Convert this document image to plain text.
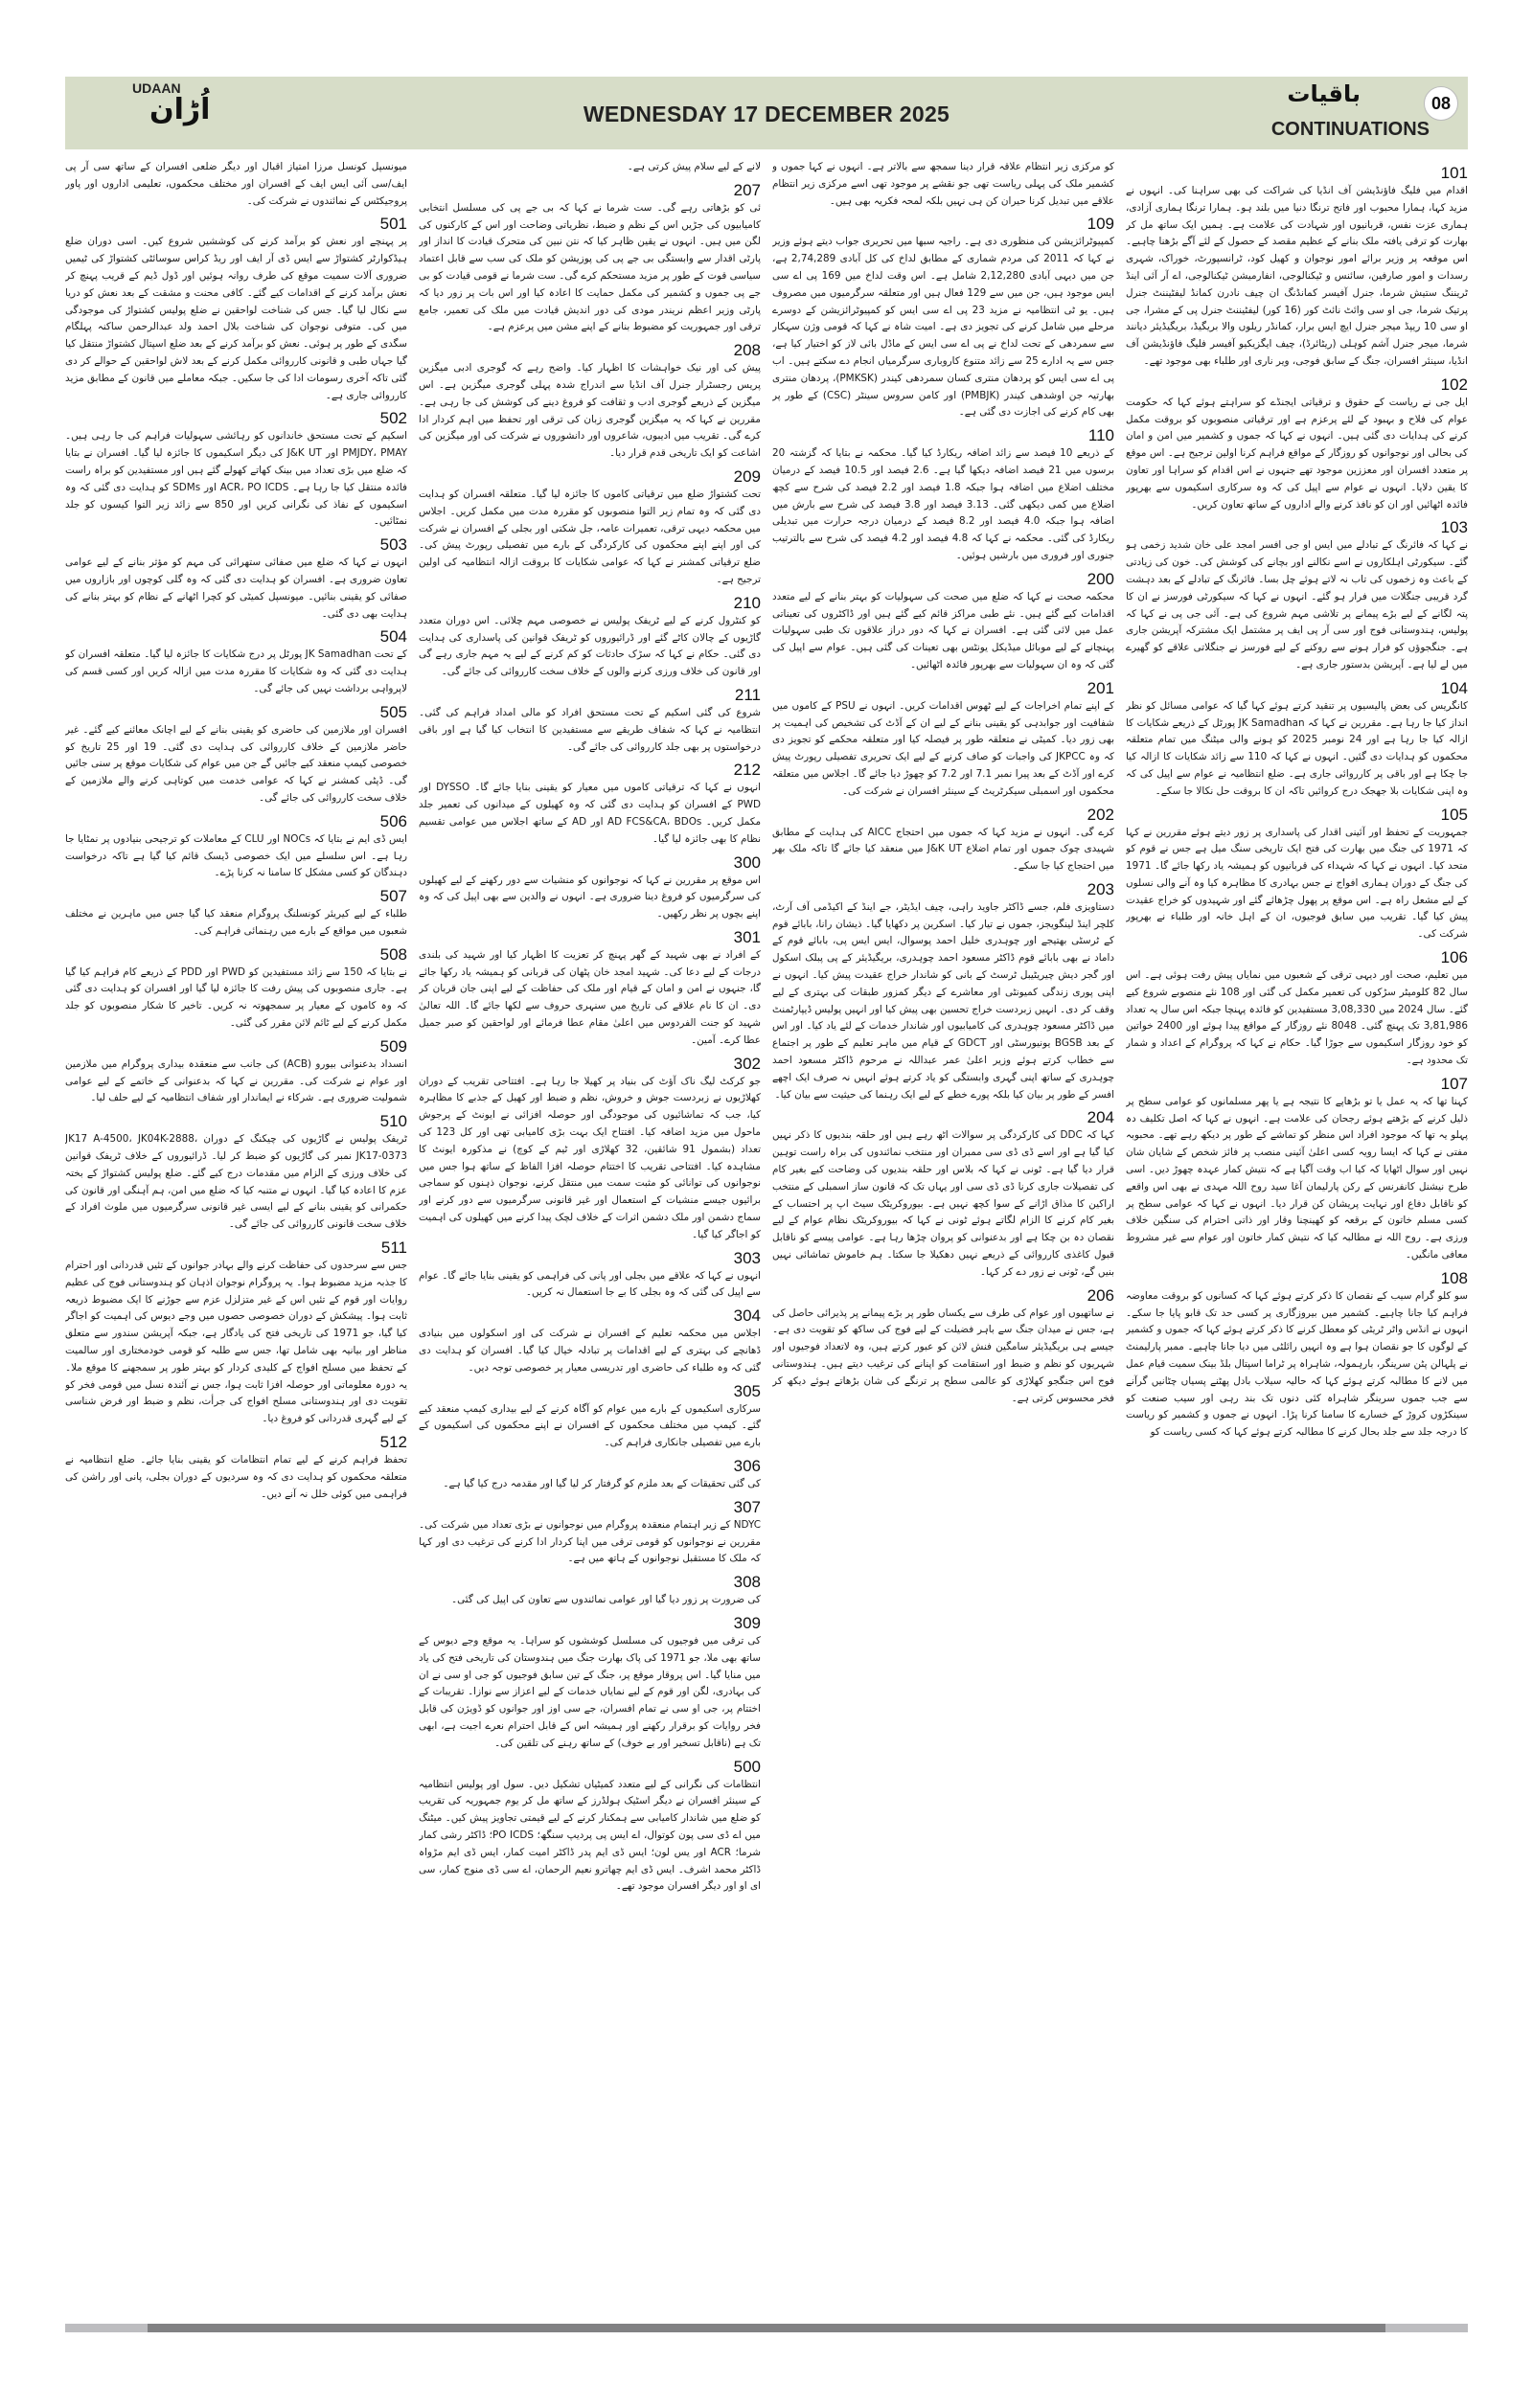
UDAAN
اُڑان	WEDNESDAY 17 DECEMBER 2025
باقیات
CONTINUATIONS
08
101

اقدام میں فلیگ فاؤنڈیشن آف انڈیا کی شراکت کی بھی سراہنا کی۔ انہوں نے مزید کہا، ہمارا محبوب اور فاتح ترنگا دنیا میں بلند ہو۔ ہمارا ترنگا ہماری آزادی، ہماری عزت نفس، قربانیوں اور شہادت کی علامت ہے۔ ہمیں ایک ساتھ مل کر بھارت کو ترقی یافتہ ملک بنانے کے عظیم مقصد کے حصول کے لئے آگے بڑھنا چاہیے۔ اس موقعہ پر وزیر برائے امور نوجوان و کھیل کود، ٹرانسپورٹ، خوراک، شہری رسدات و امور صارفین، سائنس و ٹیکنالوجی، انفارمیشن ٹیکنالوجی، اے آر آئی اینڈ ٹریننگ ستیش شرما، جنرل آفیسر کمانڈنگ ان چیف نادرن کمانڈ لیفٹیننٹ جنرل پرتیک شرما، جی او سی وائٹ نائٹ کور (16 کور) لیفٹیننٹ جنرل پی کے مشرا، جی او سی 10 ریپڈ میجر جنرل ایچ ایس برار، کمانڈر ریلوں والا بریگیڈ، بریگیڈیئر دیانند شرما، میجر جنرل آشم کوہلی (ریٹائرڈ)، چیف ایگزیکیو آفیسر فلیگ فاؤنڈیشن آف انڈیا، سینئر افسران، جنگ کے سابق فوجی، ویر ناری اور طلباء بھی موجود تھے۔

102

ایل جی نے ریاست کے حقوق و ترقیاتی ایجنڈے کو سراہتے ہوئے کہا کہ حکومت عوام کی فلاح و بہبود کے لئے پرعزم ہے اور ترقیاتی منصوبوں کو بروقت مکمل کرنے کی ہدایات دی گئی ہیں۔ انہوں نے کہا کہ جموں و کشمیر میں امن و امان کی بحالی اور نوجوانوں کو روزگار کے مواقع فراہم کرنا اولین ترجیح ہے۔ اس موقع پر متعدد افسران اور معززین موجود تھے جنہوں نے اس اقدام کو سراہا اور تعاون کا یقین دلایا۔ انہوں نے عوام سے اپیل کی کہ وہ سرکاری اسکیموں سے بھرپور فائدہ اٹھائیں اور ان کو نافذ کرنے والے اداروں کے ساتھ تعاون کریں۔

103

نے کہا کہ فائرنگ کے تبادلے میں ایس او جی افسر امجد علی خان شدید زخمی ہو گئے۔ سیکورٹی اہلکاروں نے اسے نکالنے اور بچانے کی کوشش کی۔ خون کی زیادتی کے باعث وہ زخموں کی تاب نہ لاتے ہوئے چل بسا۔ فائرنگ کے تبادلے کے بعد دہشت گرد قریبی جنگلات میں فرار ہو گئے۔ انہوں نے کہا کہ سیکورٹی فورسز نے ان کا پتہ لگانے کے لیے بڑے پیمانے پر تلاشی مہم شروع کی ہے۔ آئی جی پی نے کہا کہ پولیس، ہندوستانی فوج اور سی آر پی ایف پر مشتمل ایک مشترکہ آپریشن جاری ہے۔ جنگجوؤں کو فرار ہونے سے روکنے کے لیے فورسز نے جنگلاتی علاقے کو گھیرے میں لے لیا ہے۔ آپریشن بدستور جاری ہے۔

104

کانگریس کی بعض پالیسیوں پر تنقید کرتے ہوئے کہا گیا کہ عوامی مسائل کو نظر انداز کیا جا رہا ہے۔ مقررین نے کہا کہ JK Samadhan پورٹل کے ذریعے شکایات کا ازالہ کیا جا رہا ہے اور 24 نومبر 2025 کو ہونے والی میٹنگ میں تمام متعلقہ محکموں کو ہدایات دی گئیں۔ انہوں نے کہا کہ 110 سے زائد شکایات کا ازالہ کیا جا چکا ہے اور باقی پر کارروائی جاری ہے۔ ضلع انتظامیہ نے عوام سے اپیل کی کہ وہ اپنی شکایات بلا جھجک درج کروائیں تاکہ ان کا بروقت حل نکالا جا سکے۔

105

جمہوریت کے تحفظ اور آئینی اقدار کی پاسداری پر زور دیتے ہوئے مقررین نے کہا کہ 1971 کی جنگ میں بھارت کی فتح ایک تاریخی سنگ میل ہے جس نے قوم کو متحد کیا۔ انہوں نے کہا کہ شہداء کی قربانیوں کو ہمیشہ یاد رکھا جائے گا۔ 1971 کی جنگ کے دوران ہماری افواج نے جس بہادری کا مظاہرہ کیا وہ آنے والی نسلوں کے لیے مشعل راہ ہے۔ اس موقع پر پھول چڑھائے گئے اور شہیدوں کو خراج عقیدت پیش کیا گیا۔ تقریب میں سابق فوجیوں، ان کے اہل خانہ اور طلباء نے بھرپور شرکت کی۔

106

میں تعلیم، صحت اور دیہی ترقی کے شعبوں میں نمایاں پیش رفت ہوئی ہے۔ اس سال 82 کلومیٹر سڑکوں کی تعمیر مکمل کی گئی اور 108 نئے منصوبے شروع کیے گئے۔ سال 2024 میں 3,08,330 مستفیدین کو فائدہ پہنچا جبکہ اس سال یہ تعداد 3,81,986 تک پہنچ گئی۔ 8048 نئے روزگار کے مواقع پیدا ہوئے اور 2400 خواتین کو خود روزگار اسکیموں سے جوڑا گیا۔ حکام نے کہا کہ پروگرام کے اعداد و شمار تک محدود ہے۔

107

کہنا تھا کہ یہ عمل یا تو بڑھاپے کا نتیجہ ہے یا پھر مسلمانوں کو عوامی سطح پر ذلیل کرنے کے بڑھتے ہوئے رجحان کی علامت ہے۔ انہوں نے کہا کہ اصل تکلیف دہ پہلو یہ تھا کہ موجود افراد اس منظر کو تماشے کے طور پر دیکھ رہے تھے۔ محبوبہ مفتی نے کہا کہ ایسا رویہ کسی اعلیٰ آئینی منصب پر فائز شخص کے شایان شان نہیں اور سوال اٹھایا کہ کیا اب وقت آگیا ہے کہ نتیش کمار عہدہ چھوڑ دیں۔ اسی طرح نیشنل کانفرنس کے رکن پارلیمان آغا سید روح اللہ مہدی نے بھی اس واقعے کو ناقابل دفاع اور نہایت پریشان کن قرار دیا۔ انہوں نے کہا کہ عوامی سطح پر کسی مسلم خاتون کے برقعہ کو کھینچنا وقار اور ذاتی احترام کی سنگین خلاف ورزی ہے۔ روح اللہ نے مطالبہ کیا کہ نتیش کمار خاتون اور عوام سے غیر مشروط معافی مانگیں۔

108

سو کلو گرام سیب کے نقصان کا ذکر کرتے ہوئے کہا کہ کسانوں کو بروقت معاوضہ فراہم کیا جانا چاہیے۔ کشمیر میں بیروزگاری پر کسی حد تک قابو پایا جا سکے۔ انہوں نے انڈس واٹر ٹریٹی کو معطل کرنے کا ذکر کرتے ہوئے کہا کہ جموں و کشمیر کے لوگوں کا جو نقصان ہوا ہے وہ انہیں رائلٹی میں دیا جانا چاہیے۔ ممبر پارلیمنٹ نے پلہالن پٹن سرینگر، بارہمولہ، شاہراہ پر ٹراما اسپتال بلڈ بینک سمیت قیام عمل میں لانے کا مطالبہ کرتے ہوئے کہا کہ حالیہ سیلاب بادل پھٹنے پسیاں چٹانیں گرآنے سے جب جموں سرینگر شاہراہ کئی دنوں تک بند رہی اور سیب صنعت کو سینکڑوں کروڑ کے خسارے کا سامنا کرنا پڑا۔ انہوں نے جموں و کشمیر کو ریاست کا درجہ جلد سے جلد بحال کرنے کا مطالبہ کرتے ہوئے کہا کہ کسی ریاست کو

کو مرکزی زیر انتظام علاقہ قرار دینا سمجھ سے بالاتر ہے۔ انہوں نے کہا جموں و کشمیر ملک کی پہلی ریاست تھی جو نقشے پر موجود تھی اسے مرکزی زیر انتظام علاقے میں تبدیل کرنا حیران کن ہی نہیں بلکہ لمحہ فکریہ بھی ہیں۔

109

کمپیوٹرائزیشن کی منظوری دی ہے۔ راجیہ سبھا میں تحریری جواب دیتے ہوئے وزیر نے کہا کہ 2011 کی مردم شماری کے مطابق لداخ کی کل آبادی 2,74,289 ہے، جن میں دیہی آبادی 2,12,280 شامل ہے۔ اس وقت لداخ میں 169 پی اے سی ایس موجود ہیں، جن میں سے 129 فعال ہیں اور متعلقہ سرگرمیوں میں مصروف ہیں۔ یو ٹی انتظامیہ نے مزید 23 پی اے سی ایس کو کمپیوٹرائزیشن کے دوسرے مرحلے میں شامل کرنے کی تجویز دی ہے۔ امیت شاہ نے کہا کہ قومی وژن سہکار سے سمردھی کے تحت لداخ نے پی اے سی ایس کے ماڈل بائی لاز کو اختیار کیا ہے، جس سے یہ ادارے 25 سے زائد متنوع کاروباری سرگرمیاں انجام دے سکتے ہیں۔ اب پی اے سی ایس کو پردھان منتری کسان سمردھی کیندر (PMKSK)، پردھان منتری بھارتیہ جن اوشدھی کیندر (PMBJK) اور کامن سروس سینٹر (CSC) کے طور پر بھی کام کرنے کی اجازت دی گئی ہے۔

110

کے ذریعے 10 فیصد سے زائد اضافہ ریکارڈ کیا گیا۔ محکمہ نے بتایا کہ گزشتہ 20 برسوں میں 21 فیصد اضافہ دیکھا گیا ہے۔ 2.6 فیصد اور 10.5 فیصد کے درمیان مختلف اضلاع میں اضافہ ہوا جبکہ 1.8 فیصد اور 2.2 فیصد کی شرح سے کچھ اضلاع میں کمی دیکھی گئی۔ 3.13 فیصد اور 3.8 فیصد کی شرح سے بارش میں اضافہ ہوا جبکہ 4.0 فیصد اور 8.2 فیصد کے درمیان درجہ حرارت میں تبدیلی ریکارڈ کی گئی۔ محکمہ نے کہا کہ 4.8 فیصد اور 4.2 فیصد کی شرح سے بالترتیب جنوری اور فروری میں بارشیں ہوئیں۔

200

محکمہ صحت نے کہا کہ ضلع میں صحت کی سہولیات کو بہتر بنانے کے لیے متعدد اقدامات کیے گئے ہیں۔ نئے طبی مراکز قائم کیے گئے ہیں اور ڈاکٹروں کی تعیناتی عمل میں لائی گئی ہے۔ افسران نے کہا کہ دور دراز علاقوں تک طبی سہولیات پہنچانے کے لیے موبائل میڈیکل یونٹس بھی تعینات کی گئی ہیں۔ عوام سے اپیل کی گئی کہ وہ ان سہولیات سے بھرپور فائدہ اٹھائیں۔

201

کے اپنے تمام اخراجات کے لیے ٹھوس اقدامات کریں۔ انہوں نے PSU کے کاموں میں شفافیت اور جوابدہی کو یقینی بنانے کے لیے ان کے آڈٹ کی تشخیص کی اہمیت پر بھی زور دیا۔ کمیٹی نے متعلقہ طور پر فیصلہ کیا اور متعلقہ محکمے کو تجویز دی کہ وہ JKPCC کی واجبات کو صاف کرنے کے لیے ایک تحریری تفصیلی رپورٹ پیش کرے اور آڈٹ کے بعد پیرا نمبر 7.1 اور 7.2 کو چھوڑ دیا جائے گا۔ اجلاس میں متعلقہ محکموں اور اسمبلی سیکرٹریٹ کے سینئر افسران نے شرکت کی۔

202

کرے گی۔ انہوں نے مزید کہا کہ جموں میں احتجاج AICC کی ہدایت کے مطابق شہیدی چوک جموں اور تمام اضلاع J&K UT میں منعقد کیا جائے گا تاکہ ملک بھر میں احتجاج کیا جا سکے۔

203

دستاویزی فلم، جسے ڈاکٹر جاوید راہی، چیف ایڈیٹر، جے اینڈ کے اکیڈمی آف آرٹ، کلچر اینڈ لینگویجز، جموں نے تیار کیا۔ اسکرین پر دکھایا گیا۔ ذیشان رانا، بابائے قوم کے ٹرسٹی بھتیجے اور چوہدری خلیل احمد پوسوال، ایس ایس پی، بابائے قوم کے داماد نے بھی بابائے قوم ڈاکٹر مسعود احمد چوہدری، بریگیڈیئر کے پی پبلک اسکول اور گجر دیش چیریٹیبل ٹرسٹ کے بانی کو شاندار خراج عقیدت پیش کیا۔ انہوں نے اپنی پوری زندگی کمیونٹی اور معاشرے کے دیگر کمزور طبقات کی بہتری کے لیے وقف کر دی۔ انہیں زبردست خراج تحسین بھی پیش کیا اور انہیں پولیس ڈیپارٹمنٹ میں ڈاکٹر مسعود چوہدری کی کامیابیوں اور شاندار خدمات کے لئے یاد کیا۔ اور اس کے بعد BGSB یونیورسٹی اور GDCT کے قیام میں ماہر تعلیم کے طور پر اجتماع سے خطاب کرتے ہوئے وزیر اعلیٰ عمر عبداللہ نے مرحوم ڈاکٹر مسعود احمد چوہدری کے ساتھ اپنی گہری وابستگی کو یاد کرتے ہوئے انہیں نہ صرف ایک اچھے افسر کے طور پر بیان کیا بلکہ پورے خطے کے لیے ایک رہنما کی حیثیت سے بیان کیا۔

204

کہا کہ DDC کی کارکردگی پر سوالات اٹھ رہے ہیں اور حلقہ بندیوں کا ذکر نہیں کیا گیا ہے اور اسے ڈی ڈی سی ممبران اور منتخب نمائندوں کی براہ راست توہین قرار دیا گیا ہے۔ ٹونی نے کہا کہ بلاس اور حلقہ بندیوں کی وضاحت کیے بغیر کام کی تفصیلات جاری کرنا ڈی ڈی سی اور یہاں تک کہ قانون ساز اسمبلی کے منتخب اراکین کا مذاق اڑانے کے سوا کچھ نہیں ہے۔ بیوروکریٹک سیٹ اپ پر احتساب کے بغیر کام کرنے کا الزام لگاتے ہوئے ٹونی نے کہا کہ بیوروکریٹک نظام عوام کے لیے نقصان دہ بن چکا ہے اور بدعنوانی کو پروان چڑھا رہا ہے۔ عوامی پیسے کو ناقابل قبول کاغذی کارروائی کے ذریعے نہیں دھکیلا جا سکتا۔ ہم خاموش تماشائی نہیں بنیں گے، ٹونی نے زور دے کر کہا۔

206

نے ساتھیوں اور عوام کی طرف سے یکساں طور پر بڑے پیمانے پر پذیرائی حاصل کی ہے، جس نے میدان جنگ سے باہر فضیلت کے لیے فوج کی ساکھ کو تقویت دی ہے۔ جیسے ہی بریگیڈیئر سامگین فنش لائن کو عبور کرتے ہیں، وہ لاتعداد فوجیوں اور شہریوں کو نظم و ضبط اور استقامت کو اپنانے کی ترغیب دیتے ہیں۔ ہندوستانی فوج اس جنگجو کھلاڑی کو عالمی سطح پر ترنگے کی شان بڑھاتے ہوئے دیکھ کر فخر محسوس کرتی ہے۔

لانے کے لیے سلام پیش کرتی ہے۔

207

ئی کو بڑھاتی رہے گی۔ ست شرما نے کہا کہ بی جے پی کی مسلسل انتخابی کامیابیوں کی جڑیں اس کے نظم و ضبط، نظریاتی وضاحت اور اس کے کارکنوں کی لگن میں ہیں۔ انہوں نے یقین ظاہر کیا کہ نتن نبین کی متحرک قیادت کا انداز اور پارٹی اقدار سے وابستگی بی جے پی کی پوزیشن کو ملک کی سب سے قابل اعتماد سیاسی قوت کے طور پر مزید مستحکم کرے گی۔ ست شرما نے قومی قیادت کو بی جے پی جموں و کشمیر کی مکمل حمایت کا اعادہ کیا اور اس بات پر زور دیا کہ پارٹی وزیر اعظم نریندر مودی کی دور اندیش قیادت میں ملک کی تعمیر، جامع ترقی اور جمہوریت کو مضبوط بنانے کے اپنے مشن میں پرعزم ہے۔

208

پیش کی اور نیک خواہشات کا اظہار کیا۔ واضح رہے کہ گوجری ادبی میگزین پریس رجسٹرار جنرل آف انڈیا سے اندراج شدہ پہلی گوجری میگزین ہے۔ اس میگزین کے ذریعے گوجری ادب و ثقافت کو فروغ دینے کی کوشش کی جا رہی ہے۔ مقررین نے کہا کہ یہ میگزین گوجری زبان کی ترقی اور تحفظ میں اہم کردار ادا کرے گی۔ تقریب میں ادیبوں، شاعروں اور دانشوروں نے شرکت کی اور میگزین کی اشاعت کو ایک تاریخی قدم قرار دیا۔

209

تحت کشتواڑ ضلع میں ترقیاتی کاموں کا جائزہ لیا گیا۔ متعلقہ افسران کو ہدایت دی گئی کہ وہ تمام زیر التوا منصوبوں کو مقررہ مدت میں مکمل کریں۔ اجلاس میں محکمہ دیہی ترقی، تعمیرات عامہ، جل شکتی اور بجلی کے افسران نے شرکت کی اور اپنے اپنے محکموں کی کارکردگی کے بارے میں تفصیلی رپورٹ پیش کی۔ ضلع ترقیاتی کمشنر نے کہا کہ عوامی شکایات کا بروقت ازالہ انتظامیہ کی اولین ترجیح ہے۔

210

کو کنٹرول کرنے کے لیے ٹریفک پولیس نے خصوصی مہم چلائی۔ اس دوران متعدد گاڑیوں کے چالان کاٹے گئے اور ڈرائیوروں کو ٹریفک قوانین کی پاسداری کی ہدایت دی گئی۔ حکام نے کہا کہ سڑک حادثات کو کم کرنے کے لیے یہ مہم جاری رہے گی اور قانون کی خلاف ورزی کرنے والوں کے خلاف سخت کارروائی کی جائے گی۔

211

شروع کی گئی اسکیم کے تحت مستحق افراد کو مالی امداد فراہم کی گئی۔ انتظامیہ نے کہا کہ شفاف طریقے سے مستفیدین کا انتخاب کیا گیا ہے اور باقی درخواستوں پر بھی جلد کارروائی کی جائے گی۔

212

انہوں نے کہا کہ ترقیاتی کاموں میں معیار کو یقینی بنایا جائے گا۔ DYSSO اور PWD کے افسران کو ہدایت دی گئی کہ وہ کھیلوں کے میدانوں کی تعمیر جلد مکمل کریں۔ AD FCS&CA، BDOs اور AD کے ساتھ اجلاس میں عوامی تقسیم نظام کا بھی جائزہ لیا گیا۔

300

اس موقع پر مقررین نے کہا کہ نوجوانوں کو منشیات سے دور رکھنے کے لیے کھیلوں کی سرگرمیوں کو فروغ دینا ضروری ہے۔ انہوں نے والدین سے بھی اپیل کی کہ وہ اپنے بچوں پر نظر رکھیں۔

301

کے افراد نے بھی شہید کے گھر پہنچ کر تعزیت کا اظہار کیا اور شہید کی بلندی درجات کے لیے دعا کی۔ شہید امجد خان پٹھان کی قربانی کو ہمیشہ یاد رکھا جائے گا، جنہوں نے امن و امان کے قیام اور ملک کی حفاظت کے لیے اپنی جان قربان کر دی۔ ان کا نام علاقے کی تاریخ میں سنہری حروف سے لکھا جائے گا۔ اللہ تعالیٰ شہید کو جنت الفردوس میں اعلیٰ مقام عطا فرمائے اور لواحقین کو صبر جمیل عطا کرے۔ آمین۔

302

جو کرکٹ لیگ ناک آؤٹ کی بنیاد پر کھیلا جا رہا ہے۔ افتتاحی تقریب کے دوران کھلاڑیوں نے زبردست جوش و خروش، نظم و ضبط اور کھیل کے جذبے کا مظاہرہ کیا، جب کہ تماشائیوں کی موجودگی اور حوصلہ افزائی نے ایونٹ کے پرجوش ماحول میں مزید اضافہ کیا۔ افتتاح ایک بہت بڑی کامیابی تھی اور کل 123 کی تعداد (بشمول 91 شائقین، 32 کھلاڑی اور ٹیم کے کوچ) نے مذکورہ ایونٹ کا مشاہدہ کیا۔ افتتاحی تقریب کا اختتام حوصلہ افزا الفاظ کے ساتھ ہوا جس میں نوجوانوں کی توانائی کو مثبت سمت میں منتقل کرنے، نوجوان ذہنوں کو سماجی برائیوں جیسے منشیات کے استعمال اور غیر قانونی سرگرمیوں سے دور کرنے اور سماج دشمن اور ملک دشمن اثرات کے خلاف لچک پیدا کرنے میں کھیلوں کی اہمیت کو اجاگر کیا گیا۔

303

انہوں نے کہا کہ علاقے میں بجلی اور پانی کی فراہمی کو یقینی بنایا جائے گا۔ عوام سے اپیل کی گئی کہ وہ بجلی کا بے جا استعمال نہ کریں۔

304

اجلاس میں محکمہ تعلیم کے افسران نے شرکت کی اور اسکولوں میں بنیادی ڈھانچے کی بہتری کے لیے اقدامات پر تبادلہ خیال کیا گیا۔ افسران کو ہدایت دی گئی کہ وہ طلباء کی حاضری اور تدریسی معیار پر خصوصی توجہ دیں۔

305

سرکاری اسکیموں کے بارے میں عوام کو آگاہ کرنے کے لیے بیداری کیمپ منعقد کیے گئے۔ کیمپ میں مختلف محکموں کے افسران نے اپنے محکموں کی اسکیموں کے بارے میں تفصیلی جانکاری فراہم کی۔

306

کی گئی تحقیقات کے بعد ملزم کو گرفتار کر لیا گیا اور مقدمہ درج کیا گیا ہے۔

307

NDYC کے زیر اہتمام منعقدہ پروگرام میں نوجوانوں نے بڑی تعداد میں شرکت کی۔ مقررین نے نوجوانوں کو قومی ترقی میں اپنا کردار ادا کرنے کی ترغیب دی اور کہا کہ ملک کا مستقبل نوجوانوں کے ہاتھ میں ہے۔

308

کی ضرورت پر زور دیا گیا اور عوامی نمائندوں سے تعاون کی اپیل کی گئی۔

309

کی ترقی میں فوجیوں کی مسلسل کوششوں کو سراہا۔ یہ موقع وجے دیوس کے ساتھ بھی ملا، جو 1971 کی پاک بھارت جنگ میں ہندوستان کی تاریخی فتح کی یاد میں منایا گیا۔ اس پروقار موقع پر، جنگ کے تین سابق فوجیوں کو جی او سی نے ان کی بہادری، لگن اور قوم کے لیے نمایاں خدمات کے لیے اعزاز سے نوازا۔ تقریبات کے اختتام پر، جی او سی نے تمام افسران، جے سی اوز اور جوانوں کو ڈویژن کی قابل فخر روایات کو برقرار رکھنے اور ہمیشہ اس کے قابل احترام نعرے اجیت ہے، ابھی تک ہے (ناقابل تسخیر اور بے خوف) کے ساتھ رہنے کی تلقین کی۔

500

انتظامات کی نگرانی کے لیے متعدد کمیٹیاں تشکیل دیں۔ سول اور پولیس انتظامیہ کے سینئر افسران نے دیگر اسٹیک ہولڈرز کے ساتھ مل کر یوم جمہوریہ کی تقریب کو ضلع میں شاندار کامیابی سے ہمکنار کرنے کے لیے قیمتی تجاویز پیش کیں۔ میٹنگ میں اے ڈی سی پون کوتوال، اے ایس پی پردیپ سنگھ؛ PO ICDS؛ ڈاکٹر رشی کمار شرما؛ ACR اور یس لون؛ ایس ڈی ایم پدر ڈاکٹر امیت کمار، ایس ڈی ایم مڑواہ ڈاکٹر محمد اشرف۔ ایس ڈی ایم چھاترو نعیم الرحمان، اے سی ڈی منوج کمار، سی ای او اور دیگر افسران موجود تھے۔

میونسپل کونسل مرزا امتیاز اقبال اور دیگر ضلعی افسران کے ساتھ سی آر پی ایف/سی آئی ایس ایف کے افسران اور مختلف محکموں، تعلیمی اداروں اور پاور پروجیکٹس کے نمائندوں نے شرکت کی۔

501

پر پہنچے اور نعش کو برآمد کرنے کی کوششیں شروع کیں۔ اسی دوران ضلع ہیڈکوارٹر کشتواڑ سے ایس ڈی آر ایف اور ریڈ کراس سوسائٹی کشتواڑ کی ٹیمیں ضروری آلات سمیت موقع کی طرف روانہ ہوئیں اور ڈول ڈیم کے قریب پہنچ کر نعش برآمد کرنے کے اقدامات کیے گئے۔ کافی محنت و مشقت کے بعد نعش کو دریا سے نکال لیا گیا۔ جس کی شناخت لواحقین نے ضلع پولیس کشتواڑ کی موجودگی میں کی۔ متوفی نوجوان کی شناخت بلال احمد ولد عبدالرحمن ساکنہ پہلگام سگدی کے طور پر ہوئی۔ نعش کو برآمد کرنے کے بعد ضلع اسپتال کشتواڑ منتقل کیا گیا جہاں طبی و قانونی کارروائی مکمل کرنے کے بعد لاش لواحقین کے حوالے کر دی گئی تاکہ آخری رسومات ادا کی جا سکیں۔ جبکہ معاملے میں قانون کے مطابق مزید کارروائی جاری ہے۔

502

اسکیم کے تحت مستحق خاندانوں کو رہائشی سہولیات فراہم کی جا رہی ہیں۔ PMJDY، PMAY اور J&K UT کی دیگر اسکیموں کا جائزہ لیا گیا۔ افسران نے بتایا کہ ضلع میں بڑی تعداد میں بینک کھاتے کھولے گئے ہیں اور مستفیدین کو براہ راست فائدہ منتقل کیا جا رہا ہے۔ ACR، PO ICDS اور SDMs کو ہدایت دی گئی کہ وہ اسکیموں کے نفاذ کی نگرانی کریں اور 850 سے زائد زیر التوا کیسوں کو جلد نمٹائیں۔

503

انہوں نے کہا کہ ضلع میں صفائی ستھرائی کی مہم کو مؤثر بنانے کے لیے عوامی تعاون ضروری ہے۔ افسران کو ہدایت دی گئی کہ وہ گلی کوچوں اور بازاروں میں صفائی کو یقینی بنائیں۔ میونسپل کمیٹی کو کچرا اٹھانے کے نظام کو بہتر بنانے کی ہدایت بھی دی گئی۔

504

کے تحت JK Samadhan پورٹل پر درج شکایات کا جائزہ لیا گیا۔ متعلقہ افسران کو ہدایت دی گئی کہ وہ شکایات کا مقررہ مدت میں ازالہ کریں اور کسی قسم کی لاپرواہی برداشت نہیں کی جائے گی۔

505

افسران اور ملازمین کی حاضری کو یقینی بنانے کے لیے اچانک معائنے کیے گئے۔ غیر حاضر ملازمین کے خلاف کارروائی کی ہدایت دی گئی۔ 19 اور 25 تاریخ کو خصوصی کیمپ منعقد کیے جائیں گے جن میں عوام کی شکایات موقع پر سنی جائیں گی۔ ڈپٹی کمشنر نے کہا کہ عوامی خدمت میں کوتاہی کرنے والے ملازمین کے خلاف سخت کارروائی کی جائے گی۔

506

ایس ڈی ایم نے بتایا کہ NOCs اور CLU کے معاملات کو ترجیحی بنیادوں پر نمٹایا جا رہا ہے۔ اس سلسلے میں ایک خصوصی ڈیسک قائم کیا گیا ہے تاکہ درخواست دہندگان کو کسی مشکل کا سامنا نہ کرنا پڑے۔

507

طلباء کے لیے کیریئر کونسلنگ پروگرام منعقد کیا گیا جس میں ماہرین نے مختلف شعبوں میں مواقع کے بارے میں رہنمائی فراہم کی۔

508

نے بتایا کہ 150 سے زائد مستفیدین کو PWD اور PDD کے ذریعے کام فراہم کیا گیا ہے۔ جاری منصوبوں کی پیش رفت کا جائزہ لیا گیا اور افسران کو ہدایت دی گئی کہ وہ کاموں کے معیار پر سمجھوتہ نہ کریں۔ تاخیر کا شکار منصوبوں کو جلد مکمل کرنے کے لیے ٹائم لائن مقرر کی گئی۔

509

انسداد بدعنوانی بیورو (ACB) کی جانب سے منعقدہ بیداری پروگرام میں ملازمین اور عوام نے شرکت کی۔ مقررین نے کہا کہ بدعنوانی کے خاتمے کے لیے عوامی شمولیت ضروری ہے۔ شرکاء نے ایماندار اور شفاف انتظامیہ کے لیے حلف لیا۔

510

ٹریفک پولیس نے گاڑیوں کی چیکنگ کے دوران JK17 A-4500، JK04K-2888، JK17-0373 نمبر کی گاڑیوں کو ضبط کر لیا۔ ڈرائیوروں کے خلاف ٹریفک قوانین کی خلاف ورزی کے الزام میں مقدمات درج کیے گئے۔ ضلع پولیس کشتواڑ کے بختہ عزم کا اعادہ کیا گیا۔ انہوں نے متنبہ کیا کہ ضلع میں امن، ہم آہنگی اور قانون کی حکمرانی کو یقینی بنانے کے لیے ایسی غیر قانونی سرگرمیوں میں ملوث افراد کے خلاف سخت قانونی کارروائی کی جائے گی۔

511

جس سے سرحدوں کی حفاظت کرنے والے بہادر جوانوں کے تئیں قدردانی اور احترام کا جذبہ مزید مضبوط ہوا۔ یہ پروگرام نوجوان اذہان کو ہندوستانی فوج کی عظیم روایات اور قوم کے تئیں اس کے غیر متزلزل عزم سے جوڑنے کا ایک مضبوط ذریعہ ثابت ہوا۔ پیشکش کے دوران خصوصی حصوں میں وجے دیوس کی اہمیت کو اجاگر کیا گیا، جو 1971 کی تاریخی فتح کی یادگار ہے، جبکہ آپریشن سندور سے متعلق مناظر اور بیانیہ بھی شامل تھا، جس سے طلبہ کو قومی خودمختاری اور سالمیت کے تحفظ میں مسلح افواج کے کلیدی کردار کو بہتر طور پر سمجھنے کا موقع ملا۔ یہ دورہ معلوماتی اور حوصلہ افزا ثابت ہوا، جس نے آئندہ نسل میں قومی فخر کو تقویت دی اور ہندوستانی مسلح افواج کی جرأت، نظم و ضبط اور فرض شناسی کے لیے گہری قدردانی کو فروغ دیا۔

512

تحفظ فراہم کرنے کے لیے تمام انتظامات کو یقینی بنایا جائے۔ ضلع انتظامیہ نے متعلقہ محکموں کو ہدایت دی کہ وہ سردیوں کے دوران بجلی، پانی اور راشن کی فراہمی میں کوئی خلل نہ آنے دیں۔
